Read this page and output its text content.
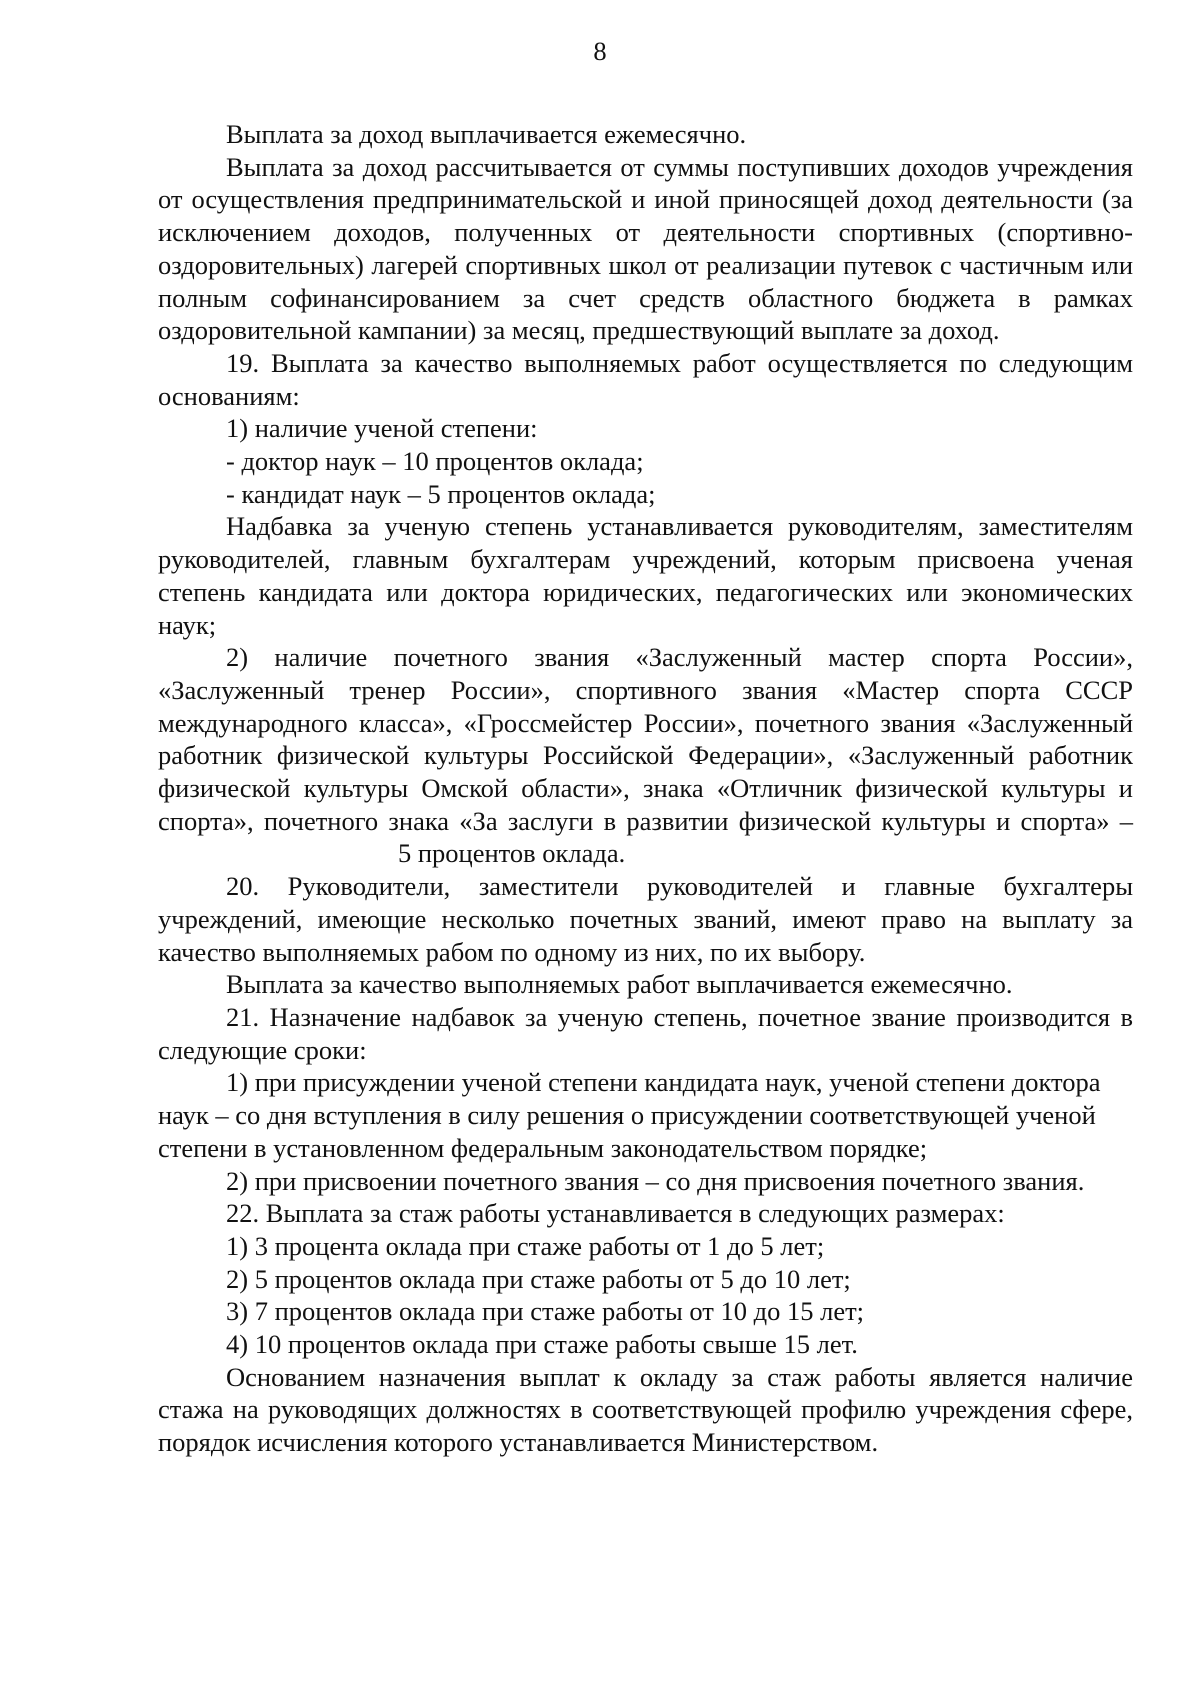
8

Выплата за доход выплачивается ежемесячно.

Выплата за доход рассчитывается от суммы поступивших доходов учреждения от осуществления предпринимательской и иной приносящей доход деятельности (за исключением доходов, полученных от деятельности спортивных (спортивно-оздоровительных) лагерей спортивных школ от реализации путевок с частичным или полным софинансированием за счет средств областного бюджета в рамках оздоровительной кампании) за месяц, предшествующий выплате за доход.

19. Выплата за качество выполняемых работ осуществляется по следующим основаниям:

1) наличие ученой степени:

- доктор наук – 10 процентов оклада;

- кандидат наук – 5 процентов оклада;

Надбавка за ученую степень устанавливается руководителям, заместителям руководителей, главным бухгалтерам учреждений, которым присвоена ученая степень кандидата или доктора юридических, педагогических или экономических наук;

2) наличие почетного звания «Заслуженный мастер спорта России», «Заслуженный тренер России», спортивного звания «Мастер спорта СССР международного класса», «Гроссмейстер России», почетного звания «Заслуженный работник физической культуры Российской Федерации», «Заслуженный работник физической культуры Омской области», знака «Отличник физической культуры и спорта», почетного знака «За заслуги в развитии физической культуры и спорта» –5 процентов оклада.

20. Руководители, заместители руководителей и главные бухгалтеры учреждений, имеющие несколько почетных званий, имеют право на выплату за качество выполняемых рабом по одному из них, по их выбору.

Выплата за качество выполняемых работ выплачивается ежемесячно.

21. Назначение надбавок за ученую степень, почетное звание производится в следующие сроки:

1) при присуждении ученой степени кандидата наук, ученой степени доктора наук – со дня вступления в силу решения о присуждении соответствующей ученой степени в установленном федеральным законодательством порядке;

2) при присвоении почетного звания – со дня присвоения почетного звания.

22. Выплата за стаж работы устанавливается в следующих размерах:

1) 3 процента оклада при стаже работы от 1 до 5 лет;

2) 5 процентов оклада при стаже работы от 5 до 10 лет;

3) 7 процентов оклада при стаже работы от 10 до 15 лет;

4) 10 процентов оклада при стаже работы свыше 15 лет.

Основанием назначения выплат к окладу за стаж работы является наличие стажа на руководящих должностях в соответствующей профилю учреждения сфере, порядок исчисления которого устанавливается Министерством.
